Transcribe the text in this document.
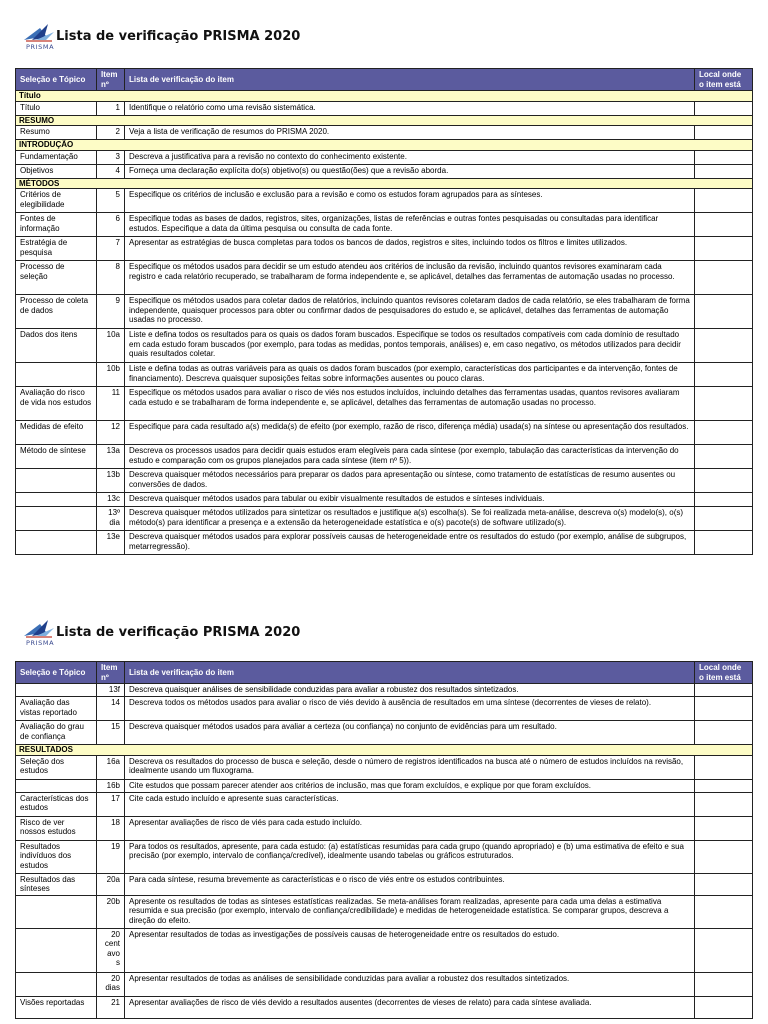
PRISMA
Lista de verificação PRISMA 2020
Seleção e Tópico	Item nº	Lista de verificação do item	Local onde o item está
Título			
Título	1	Identifique o relatório como uma revisão sistemática.	
RESUMO			
Resumo	2	Veja a lista de verificação de resumos do PRISMA 2020.	
INTRODUÇÃO			
Fundamentação	3	Descreva a justificativa para a revisão no contexto do conhecimento existente.	
Objetivos	4	Forneça uma declaração explícita do(s) objetivo(s) ou questão(ões) que a revisão aborda.	
MÉTODOS			
Critérios de elegibilidade	5	Especifique os critérios de inclusão e exclusão para a revisão e como os estudos foram agrupados para as sínteses.	
Fontes de informação	6	Especifique todas as bases de dados, registros, sites, organizações, listas de referências e outras fontes pesquisadas ou consultadas para identificar estudos. Especifique a data da última pesquisa ou consulta de cada fonte.	
Estratégia de pesquisa	7	Apresentar as estratégias de busca completas para todos os bancos de dados, registros e sites, incluindo todos os filtros e limites utilizados.	
Processo de seleção	8	Especifique os métodos usados para decidir se um estudo atendeu aos critérios de inclusão da revisão, incluindo quantos revisores examinaram cada registro e cada relatório recuperado, se trabalharam de forma independente e, se aplicável, detalhes das ferramentas de automação usadas no processo.	
Processo de coleta de dados	9	Especifique os métodos usados para coletar dados de relatórios, incluindo quantos revisores coletaram dados de cada relatório, se eles trabalharam de forma independente, quaisquer processos para obter ou confirmar dados de pesquisadores do estudo e, se aplicável, detalhes das ferramentas de automação usadas no processo.	
Dados dos itens	10a	Liste e defina todos os resultados para os quais os dados foram buscados. Especifique se todos os resultados compatíveis com cada domínio de resultado em cada estudo foram buscados (por exemplo, para todas as medidas, pontos temporais, análises) e, em caso negativo, os métodos utilizados para decidir quais resultados coletar.	
	10b	Liste e defina todas as outras variáveis para as quais os dados foram buscados (por exemplo, características dos participantes e da intervenção, fontes de financiamento). Descreva quaisquer suposições feitas sobre informações ausentes ou pouco claras.	
Avaliação do risco de vida nos estudos	11	Especifique os métodos usados para avaliar o risco de viés nos estudos incluídos, incluindo detalhes das ferramentas usadas, quantos revisores avaliaram cada estudo e se trabalharam de forma independente e, se aplicável, detalhes das ferramentas de automação usadas no processo.	
Medidas de efeito	12	Especifique para cada resultado a(s) medida(s) de efeito (por exemplo, razão de risco, diferença média) usada(s) na síntese ou apresentação dos resultados.	
Método de síntese	13a	Descreva os processos usados para decidir quais estudos eram elegíveis para cada síntese (por exemplo, tabulação das características da intervenção do estudo e comparação com os grupos planejados para cada síntese (item nº 5)).	
	13b	Descreva quaisquer métodos necessários para preparar os dados para apresentação ou síntese, como tratamento de estatísticas de resumo ausentes ou conversões de dados.	
	13c	Descreva quaisquer métodos usados para tabular ou exibir visualmente resultados de estudos e sínteses individuais.	
	13º dia	Descreva quaisquer métodos utilizados para sintetizar os resultados e justifique a(s) escolha(s). Se foi realizada meta-análise, descreva o(s) modelo(s), o(s) método(s) para identificar a presença e a extensão da heterogeneidade estatística e o(s) pacote(s) de software utilizado(s).	
	13e	Descreva quaisquer métodos usados para explorar possíveis causas de heterogeneidade entre os resultados do estudo (por exemplo, análise de subgrupos, metarregressão).	
PRISMA
Lista de verificação PRISMA 2020
Seleção e Tópico	Item nº	Lista de verificação do item	Local onde o item está
	13f	Descreva quaisquer análises de sensibilidade conduzidas para avaliar a robustez dos resultados sintetizados.	
Avaliação das vistas reportado	14	Descreva todos os métodos usados para avaliar o risco de viés devido à ausência de resultados em uma síntese (decorrentes de vieses de relato).	
Avaliação do grau de confiança	15	Descreva quaisquer métodos usados para avaliar a certeza (ou confiança) no conjunto de evidências para um resultado.	
RESULTADOS			
Seleção dos estudos	16a	Descreva os resultados do processo de busca e seleção, desde o número de registros identificados na busca até o número de estudos incluídos na revisão, idealmente usando um fluxograma.	
	16b	Cite estudos que possam parecer atender aos critérios de inclusão, mas que foram excluídos, e explique por que foram excluídos.	
Características dos estudos	17	Cite cada estudo incluído e apresente suas características.	
Risco de ver nossos estudos	18	Apresentar avaliações de risco de viés para cada estudo incluído.	
Resultados indivíduos dos estudos	19	Para todos os resultados, apresente, para cada estudo: (a) estatísticas resumidas para cada grupo (quando apropriado) e (b) uma estimativa de efeito e sua precisão (por exemplo, intervalo de confiança/credível), idealmente usando tabelas ou gráficos estruturados.	
Resultados das sínteses	20a	Para cada síntese, resuma brevemente as características e o risco de viés entre os estudos contribuintes.	
	20b	Apresente os resultados de todas as sínteses estatísticas realizadas. Se meta-análises foram realizadas, apresente para cada uma delas a estimativa resumida e sua precisão (por exemplo, intervalo de confiança/credibilidade) e medidas de heterogeneidade estatística. Se comparar grupos, descreva a direção do efeito.	
	20 cent avo s	Apresentar resultados de todas as investigações de possíveis causas de heterogeneidade entre os resultados do estudo.	
	20 dias	Apresentar resultados de todas as análises de sensibilidade conduzidas para avaliar a robustez dos resultados sintetizados.	
Visões reportadas	21	Apresentar avaliações de risco de viés devido a resultados ausentes (decorrentes de vieses de relato) para cada síntese avaliada.	
